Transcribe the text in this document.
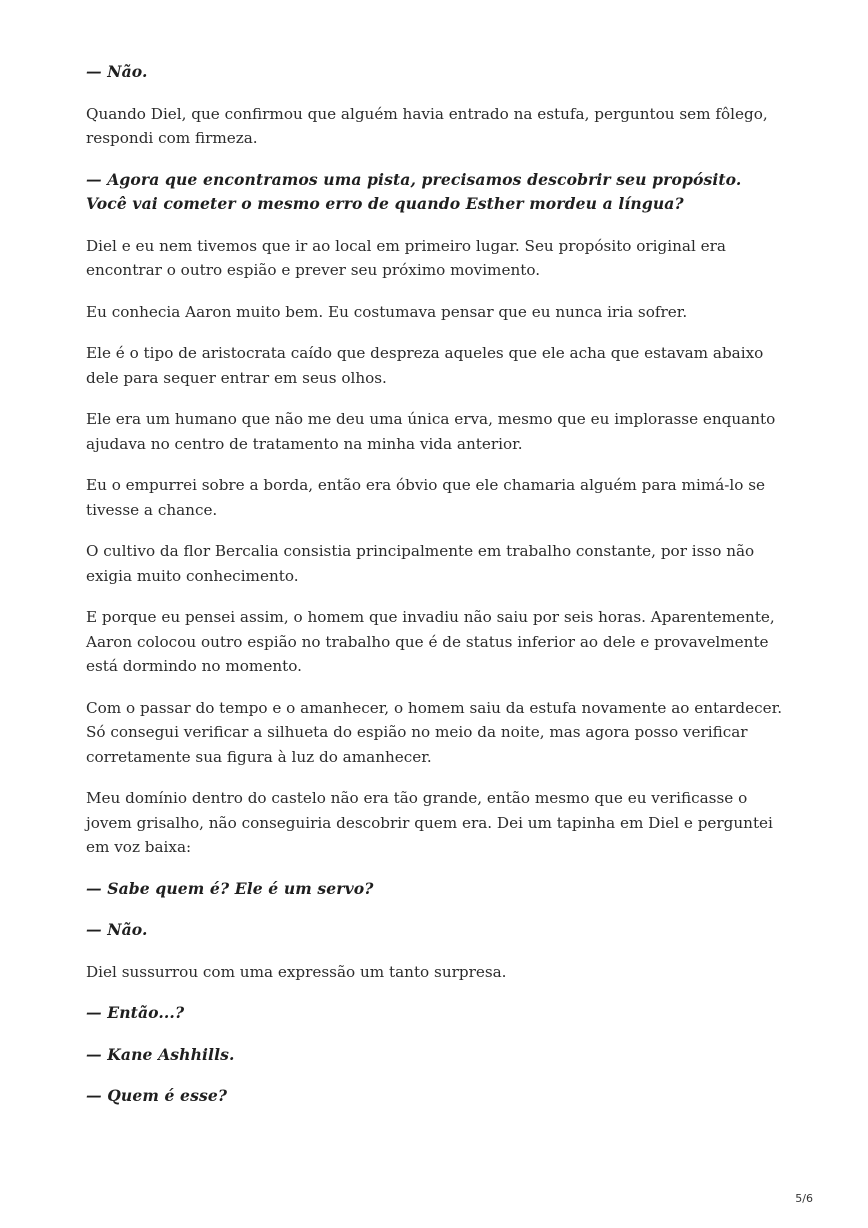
— Não.

Quando Diel, que confirmou que alguém havia entrado na estufa, perguntou sem fôlego, respondi com firmeza.

— Agora que encontramos uma pista, precisamos descobrir seu propósito. Você vai cometer o mesmo erro de quando Esther mordeu a língua?

Diel e eu nem tivemos que ir ao local em primeiro lugar. Seu propósito original era encontrar o outro espião e prever seu próximo movimento.

Eu conhecia Aaron muito bem. Eu costumava pensar que eu nunca iria sofrer.

Ele é o tipo de aristocrata caído que despreza aqueles que ele acha que estavam abaixo dele para sequer entrar em seus olhos.

Ele era um humano que não me deu uma única erva, mesmo que eu implorasse enquanto ajudava no centro de tratamento na minha vida anterior.

Eu o empurrei sobre a borda, então era óbvio que ele chamaria alguém para mimá-lo se tivesse a chance.

O cultivo da flor Bercalia consistia principalmente em trabalho constante, por isso não exigia muito conhecimento.

E porque eu pensei assim, o homem que invadiu não saiu por seis horas. Aparentemente, Aaron colocou outro espião no trabalho que é de status inferior ao dele e provavelmente está dormindo no momento.

Com o passar do tempo e o amanhecer, o homem saiu da estufa novamente ao entardecer. Só consegui verificar a silhueta do espião no meio da noite, mas agora posso verificar corretamente sua figura à luz do amanhecer.

Meu domínio dentro do castelo não era tão grande, então mesmo que eu verificasse o jovem grisalho, não conseguiria descobrir quem era. Dei um tapinha em Diel e perguntei em voz baixa:

— Sabe quem é? Ele é um servo?

— Não.

Diel sussurrou com uma expressão um tanto surpresa.

— Então...?

— Kane Ashhills.

— Quem é esse?

5/6
